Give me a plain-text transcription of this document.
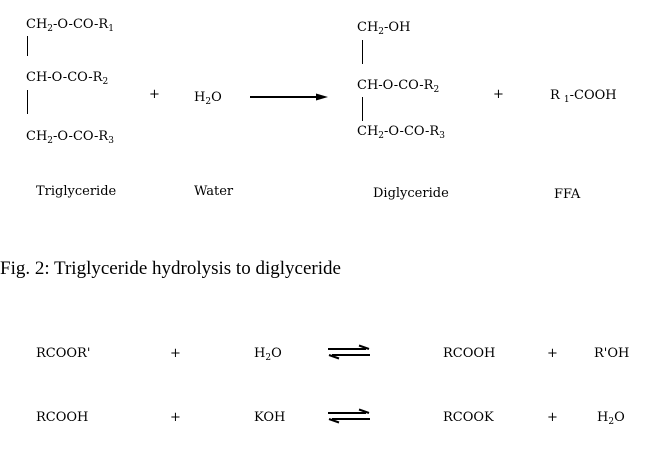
$CH_2-O-CO-R_1$
$CH-O-CO-R_2$
$CH_2-O-CO-R_3$
+	$H_2O$
$CH_2-OH$
$CH-O-CO-R_2$
$CH_2-O-CO-R_3$
+	R $_1$-COOH
Triglyceride	Water	Diglyceride	FFA
Fig. 2: Triglyceride hydrolysis to diglyceride
RCOOR'	+	$H_2O$	RCOOH	+	R'OH
RCOOH	+	KOH	RCOOK	+	$H_2O$
